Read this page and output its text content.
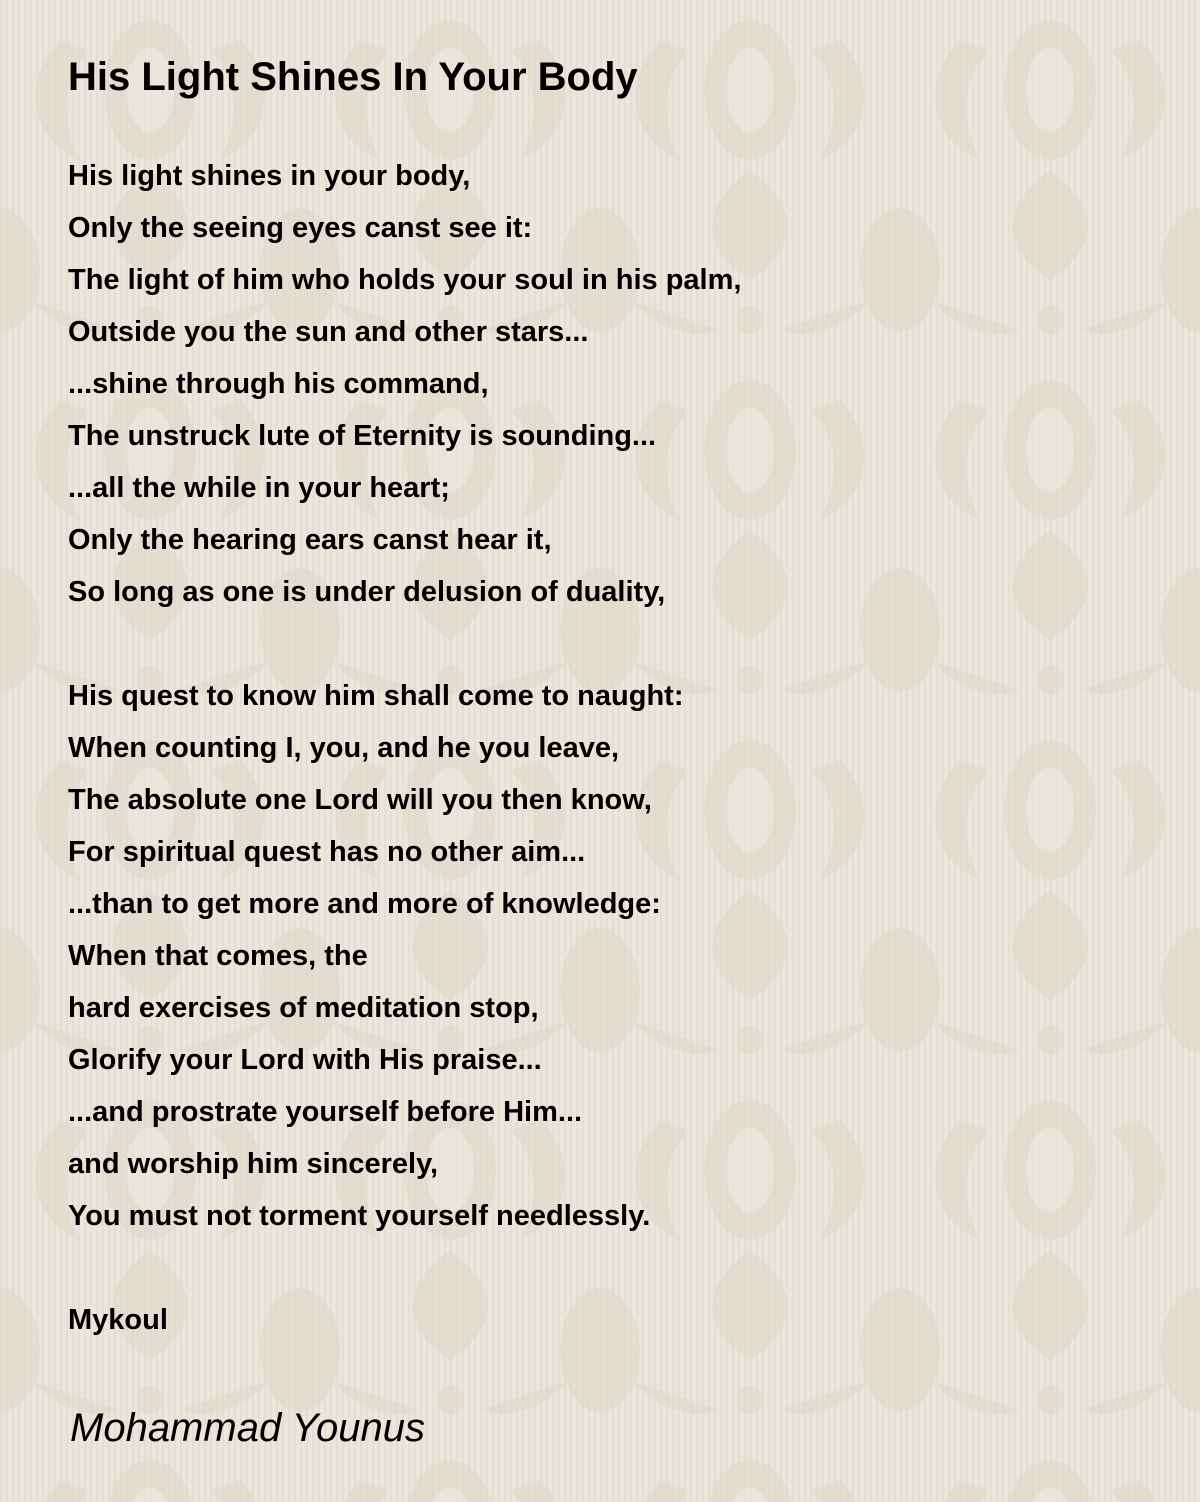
His Light Shines In Your Body
His light shines in your body,
Only the seeing eyes canst see it:
The light of him who holds your soul in his palm,
Outside you the sun and other stars...
...shine through his command,
The unstruck lute of Eternity is sounding...
...all the while in your heart;
Only the hearing ears canst hear it,
So long as one is under delusion of duality,
His quest to know him shall come to naught:
When counting I, you, and he you leave,
The absolute one Lord will you then know,
For spiritual quest has no other aim...
...than to get more and more of knowledge:
When that comes, the
hard exercises of meditation stop,
Glorify your Lord with His praise...
...and prostrate yourself before Him...
and worship him sincerely,
You must not torment yourself needlessly.
Mykoul

Mohammad Younus
